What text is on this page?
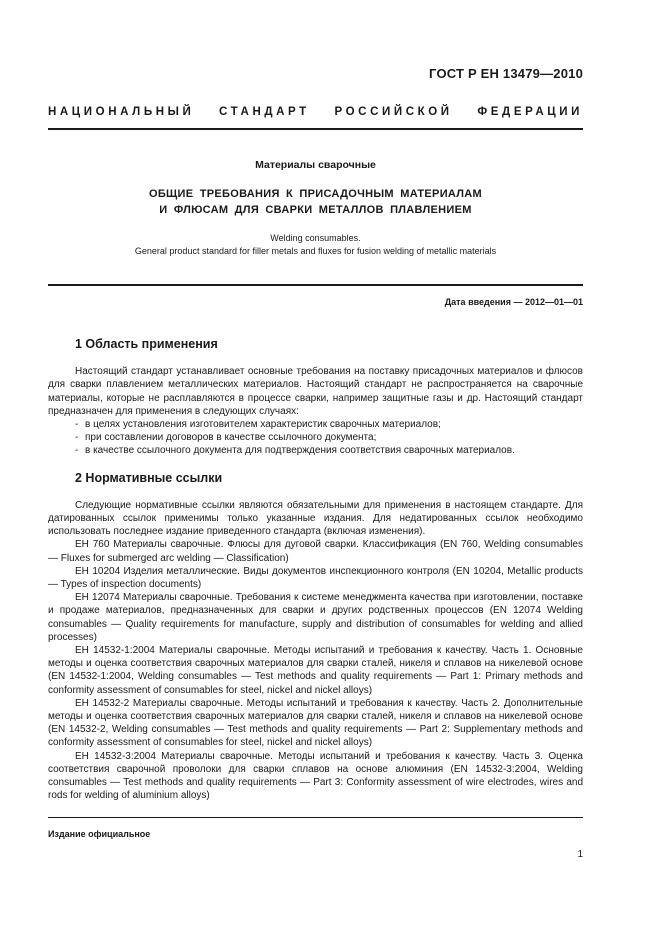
ГОСТ Р ЕН 13479—2010
НАЦИОНАЛЬНЫЙ СТАНДАРТ РОССИЙСКОЙ ФЕДЕРАЦИИ
Материалы сварочные
ОБЩИЕ ТРЕБОВАНИЯ К ПРИСАДОЧНЫМ МАТЕРИАЛАМ
И ФЛЮСАМ ДЛЯ СВАРКИ МЕТАЛЛОВ ПЛАВЛЕНИЕМ
Welding consumables.
General product standard for filler metals and fluxes for fusion welding of metallic materials
Дата введения — 2012—01—01
1 Область применения

Настоящий стандарт устанавливает основные требования на поставку присадочных материалов и флюсов для сварки плавлением металлических материалов. Настоящий стандарт не распространяется на сварочные материалы, которые не расплавляются в процессе сварки, например защитные газы и др. Настоящий стандарт предназначен для применения в следующих случаях:

- в целях установления изготовителем характеристик сварочных материалов;
- при составлении договоров в качестве ссылочного документа;
- в качестве ссылочного документа для подтверждения соответствия сварочных материалов.
2 Нормативные ссылки

Следующие нормативные ссылки являются обязательными для применения в настоящем стандарте. Для датированных ссылок применимы только указанные издания. Для недатированных ссылок необходимо использовать последнее издание приведенного стандарта (включая изменения).

ЕН 760 Материалы сварочные. Флюсы для дуговой сварки. Классификация (EN 760, Welding consumables — Fluxes for submerged arc welding — Classification)

ЕН 10204 Изделия металлические. Виды документов инспекционного контроля (EN 10204, Metallic products — Types of inspection documents)

ЕН 12074 Материалы сварочные. Требования к системе менеджмента качества при изготовлении, поставке и продаже материалов, предназначенных для сварки и других родственных процессов (EN 12074 Welding consumables — Quality requirements for manufacture, supply and distribution of consumables for welding and allied processes)

ЕН 14532-1:2004 Материалы сварочные. Методы испытаний и требования к качеству. Часть 1. Основные методы и оценка соответствия сварочных материалов для сварки сталей, никеля и сплавов на никелевой основе (EN 14532-1:2004, Welding consumables — Test methods and quality requirements — Part 1: Primary methods and conformity assessment of consumables for steel, nickel and nickel alloys)

ЕН 14532-2 Материалы сварочные. Методы испытаний и требования к качеству. Часть 2. Дополнительные методы и оценка соответствия сварочных материалов для сварки сталей, никеля и сплавов на никелевой основе (EN 14532-2, Welding consumables — Test methods and quality requirements — Part 2: Supplementary methods and conformity assessment of consumables for steel, nickel and nickel alloys)

ЕН 14532-3:2004 Материалы сварочные. Методы испытаний и требования к качеству. Часть 3. Оценка соответствия сварочной проволоки для сварки сплавов на основе алюминия (EN 14532-3:2004, Welding consumables — Test methods and quality requirements — Part 3: Conformity assessment of wire electrodes, wires and rods for welding of aluminium alloys)

Издание официальное
1
